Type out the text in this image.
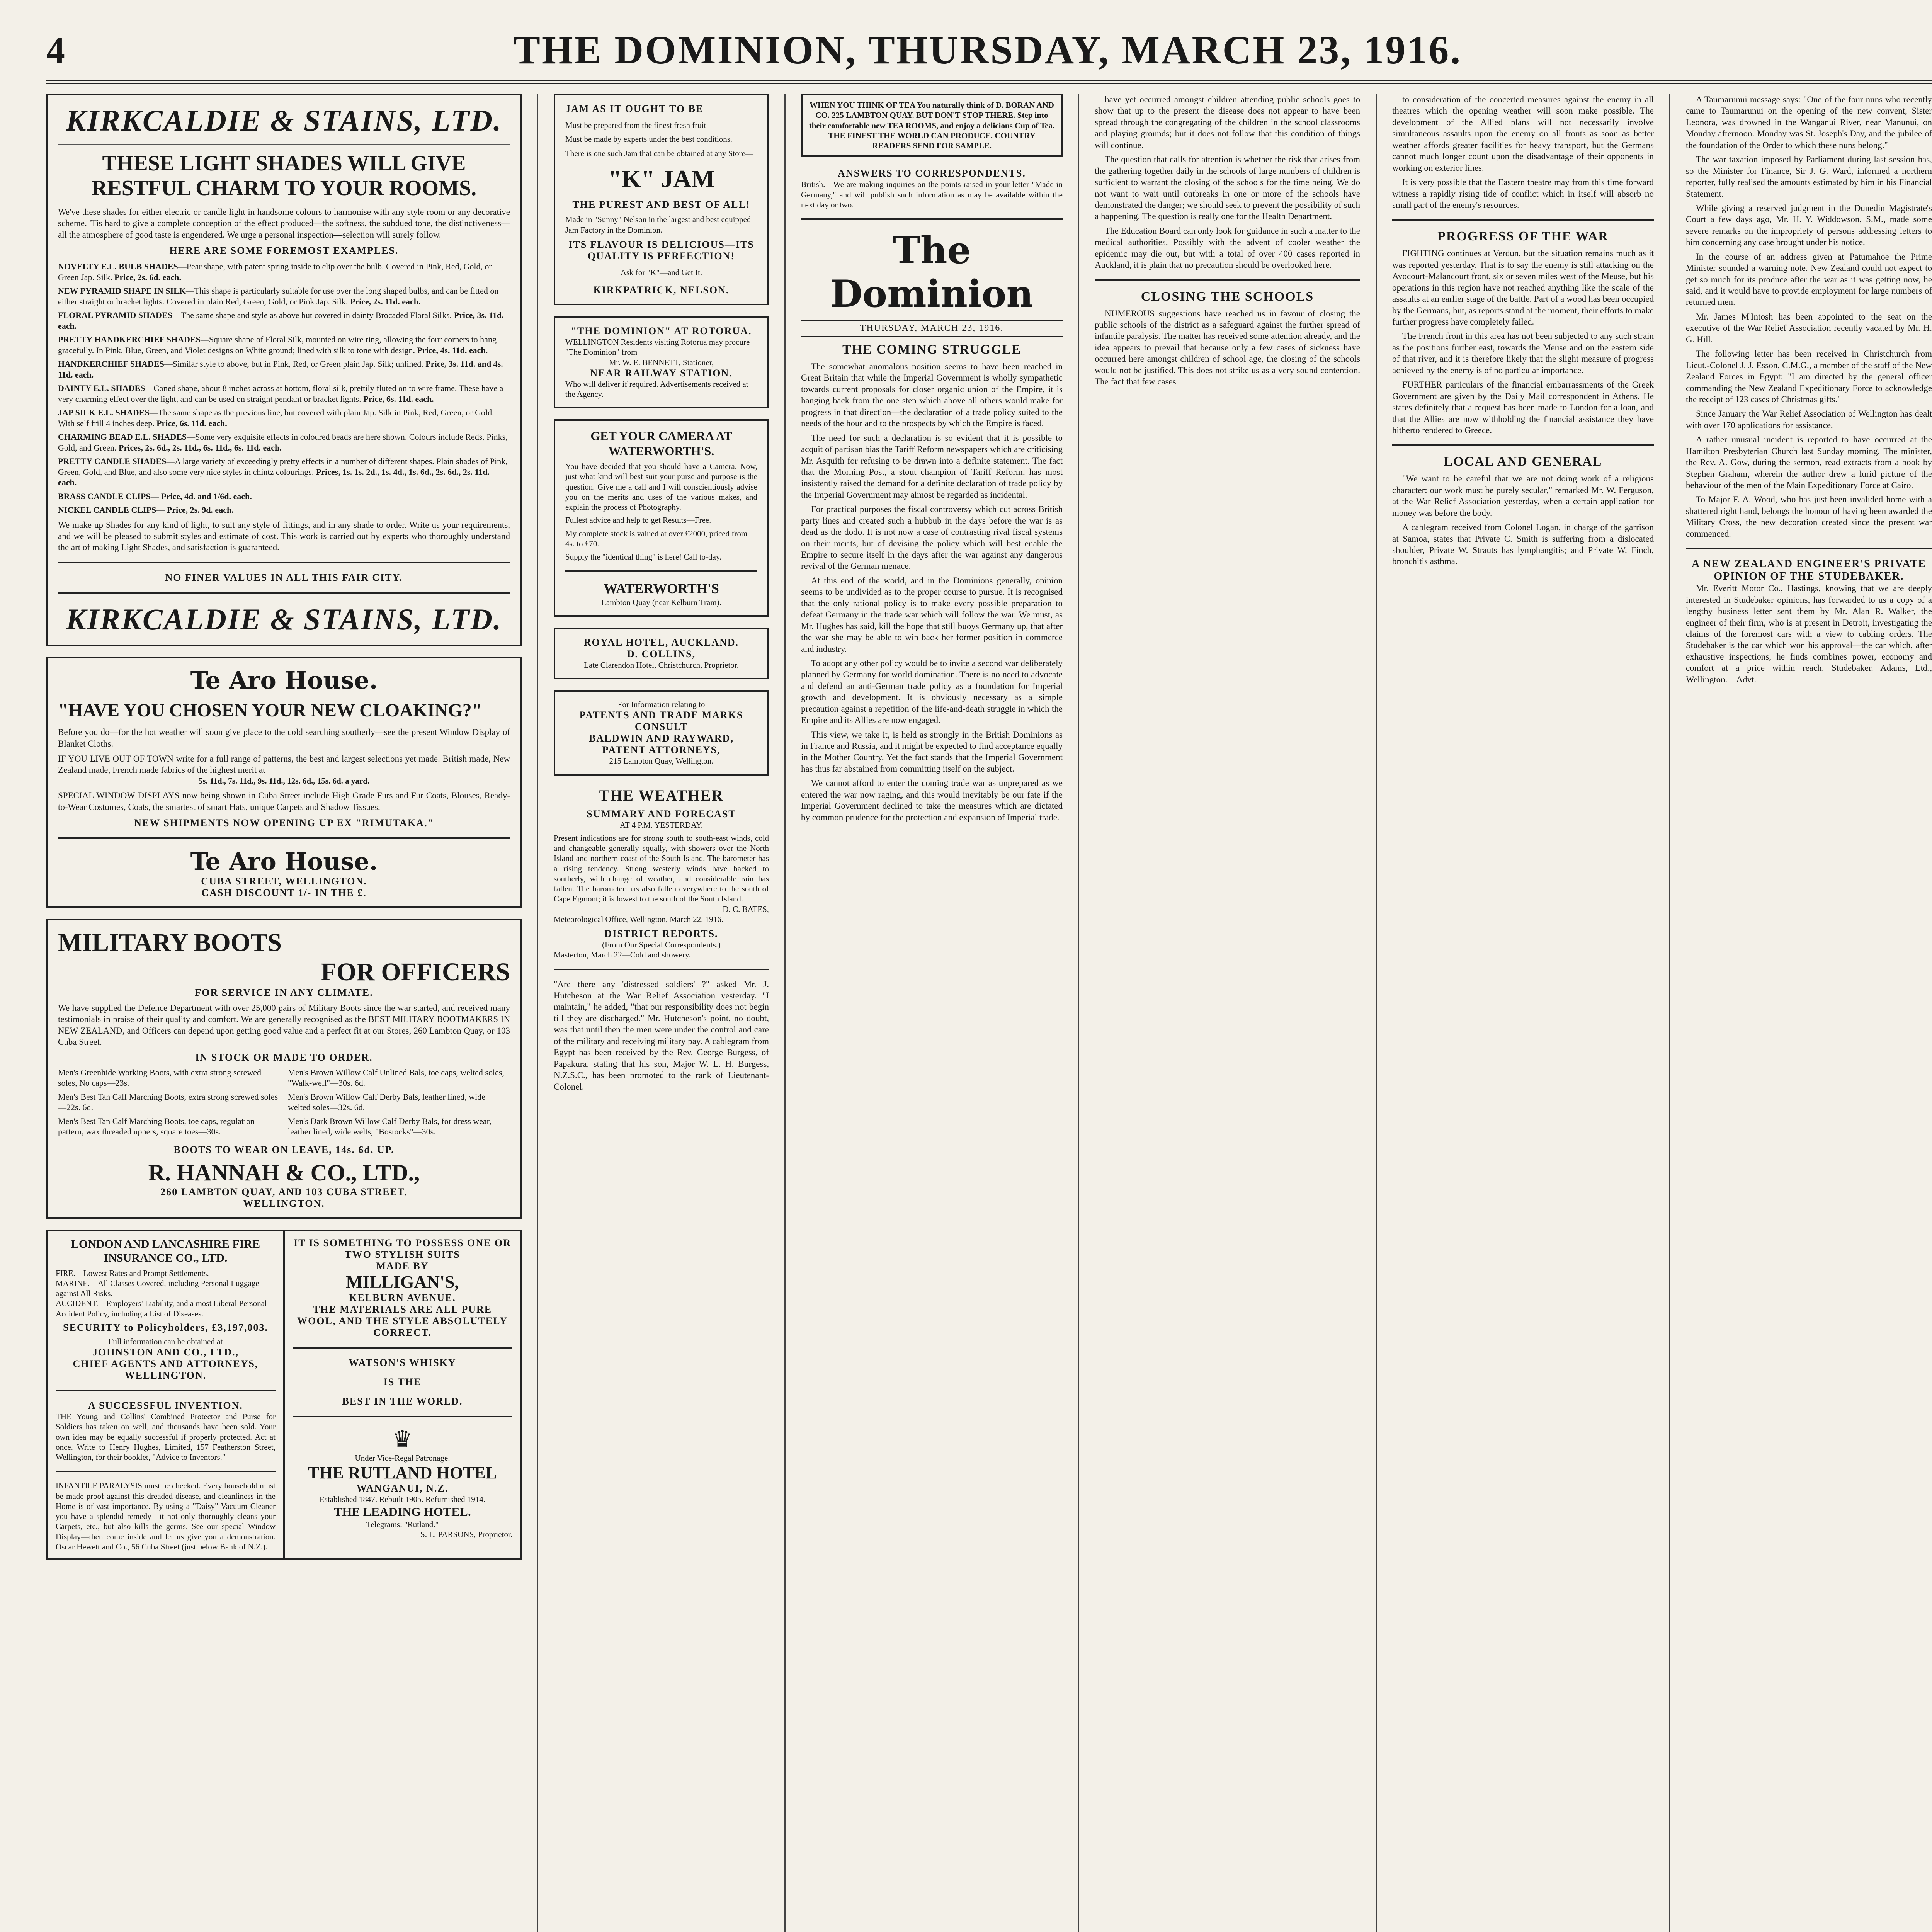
4	THE DOMINION, THURSDAY, MARCH 23, 1916.
KIRKCALDIE & STAINS, LTD.
THESE LIGHT SHADES WILL GIVE RESTFUL CHARM TO YOUR ROOMS.
We've these shades for either electric or candle light in handsome colours to harmonise with any style room or any decorative scheme. 'Tis hard to give a complete conception of the effect produced—the softness, the subdued tone, the distinctiveness—all the atmosphere of good taste is engendered. We urge a personal inspection—selection will surely follow.
HERE ARE SOME FOREMOST EXAMPLES.
NOVELTY E.L. BULB SHADES—Pear shape, with patent spring inside to clip over the bulb. Covered in Pink, Red, Gold, or Green Jap. Silk. Price, 2s. 6d. each.
NEW PYRAMID SHAPE IN SILK—This shape is particularly suitable for use over the long shaped bulbs, and can be fitted on either straight or bracket lights. Covered in plain Red, Green, Gold, or Pink Jap. Silk. Price, 2s. 11d. each.
FLORAL PYRAMID SHADES—The same shape and style as above but covered in dainty Brocaded Floral Silks. Price, 3s. 11d. each.
PRETTY HANDKERCHIEF SHADES—Square shape of Floral Silk, mounted on wire ring, allowing the four corners to hang gracefully. In Pink, Blue, Green, and Violet designs on White ground; lined with silk to tone with design. Price, 4s. 11d. each.
HANDKERCHIEF SHADES—Similar style to above, but in Pink, Red, or Green plain Jap. Silk; unlined. Price, 3s. 11d. and 4s. 11d. each.
DAINTY E.L. SHADES—Coned shape, about 8 inches across at bottom, floral silk, prettily fluted on to wire frame. These have a very charming effect over the light, and can be used on straight pendant or bracket lights. Price, 6s. 11d. each.
JAP SILK E.L. SHADES—The same shape as the previous line, but covered with plain Jap. Silk in Pink, Red, Green, or Gold. With self frill 4 inches deep. Price, 6s. 11d. each.
CHARMING BEAD E.L. SHADES—Some very exquisite effects in coloured beads are here shown. Colours include Reds, Pinks, Gold, and Green. Prices, 2s. 6d., 2s. 11d., 6s. 11d., 6s. 11d. each.
PRETTY CANDLE SHADES—A large variety of exceedingly pretty effects in a number of different shapes. Plain shades of Pink, Green, Gold, and Blue, and also some very nice styles in chintz colourings. Prices, 1s. 1s. 2d., 1s. 4d., 1s. 6d., 2s. 6d., 2s. 11d. each.
BRASS CANDLE CLIPS— Price, 4d. and 1/6d. each.
NICKEL CANDLE CLIPS— Price, 2s. 9d. each.
We make up Shades for any kind of light, to suit any style of fittings, and in any shade to order. Write us your requirements, and we will be pleased to submit styles and estimate of cost. This work is carried out by experts who thoroughly understand the art of making Light Shades, and satisfaction is guaranteed.
NO FINER VALUES IN ALL THIS FAIR CITY.
KIRKCALDIE & STAINS, LTD.
Te Aro House.
"HAVE YOU CHOSEN YOUR NEW CLOAKING?"
Before you do—for the hot weather will soon give place to the cold searching southerly—see the present Window Display of Blanket Cloths.
IF YOU LIVE OUT OF TOWN write for a full range of patterns, the best and largest selections yet made. British made, New Zealand made, French made fabrics of the highest merit at
5s. 11d., 7s. 11d., 9s. 11d., 12s. 6d., 15s. 6d. a yard.
SPECIAL WINDOW DISPLAYS now being shown in Cuba Street include High Grade Furs and Fur Coats, Blouses, Ready-to-Wear Costumes, Coats, the smartest of smart Hats, unique Carpets and Shadow Tissues.
NEW SHIPMENTS NOW OPENING UP EX "RIMUTAKA."
Te Aro House.
CUBA STREET, WELLINGTON.
CASH DISCOUNT 1/- IN THE £.
MILITARY BOOTS
FOR OFFICERS
FOR SERVICE IN ANY CLIMATE.
We have supplied the Defence Department with over 25,000 pairs of Military Boots since the war started, and received many testimonials in praise of their quality and comfort. We are generally recognised as the BEST MILITARY BOOTMAKERS IN NEW ZEALAND, and Officers can depend upon getting good value and a perfect fit at our Stores, 260 Lambton Quay, or 103 Cuba Street.
IN STOCK OR MADE TO ORDER.
Men's Greenhide Working Boots, with extra strong screwed soles, No caps—23s.
Men's Best Tan Calf Marching Boots, extra strong screwed soles—22s. 6d.
Men's Best Tan Calf Marching Boots, toe caps, regulation pattern, wax threaded uppers, square toes—30s.
Men's Brown Willow Calf Unlined Bals, toe caps, welted soles, "Walk-well"—30s. 6d.
Men's Brown Willow Calf Derby Bals, leather lined, wide welted soles—32s. 6d.
Men's Dark Brown Willow Calf Derby Bals, for dress wear, leather lined, wide welts, "Bostocks"—30s.
BOOTS TO WEAR ON LEAVE, 14s. 6d. UP.
R. HANNAH & CO., LTD.,
260 LAMBTON QUAY, AND 103 CUBA STREET.
WELLINGTON.
LONDON AND LANCASHIRE FIRE INSURANCE CO., LTD.
FIRE.—Lowest Rates and Prompt Settlements.
MARINE.—All Classes Covered, including Personal Luggage against All Risks.
ACCIDENT.—Employers' Liability, and a most Liberal Personal Accident Policy, including a List of Diseases.
SECURITY to Policyholders, £3,197,003.
Full information can be obtained at
JOHNSTON AND CO., LTD.,
CHIEF AGENTS AND ATTORNEYS,
WELLINGTON.
A SUCCESSFUL INVENTION.
THE Young and Collins' Combined Protector and Purse for Soldiers has taken on well, and thousands have been sold. Your own idea may be equally successful if properly protected. Act at once. Write to Henry Hughes, Limited, 157 Featherston Street, Wellington, for their booklet, "Advice to Inventors."
INFANTILE PARALYSIS must be checked. Every household must be made proof against this dreaded disease, and cleanliness in the Home is of vast importance. By using a "Daisy" Vacuum Cleaner you have a splendid remedy—it not only thoroughly cleans your Carpets, etc., but also kills the germs. See our special Window Display—then come inside and let us give you a demonstration. Oscar Hewett and Co., 56 Cuba Street (just below Bank of N.Z.).
IT IS SOMETHING TO POSSESS ONE OR TWO STYLISH SUITS
MADE BY
MILLIGAN'S,
KELBURN AVENUE.
THE MATERIALS ARE ALL PURE WOOL, AND THE STYLE ABSOLUTELY CORRECT.
WATSON'S WHISKY
IS THE
BEST IN THE WORLD.
♛
Under Vice-Regal Patronage.
THE RUTLAND HOTEL
WANGANUI, N.Z.
Established 1847. Rebuilt 1905. Refurnished 1914.
THE LEADING HOTEL.
Telegrams: "Rutland."
S. L. PARSONS, Proprietor.
JAM AS IT OUGHT TO BE
Must be prepared from the finest fresh fruit—
Must be made by experts under the best conditions.
There is one such Jam that can be obtained at any Store—
"K" JAM
THE PUREST AND BEST OF ALL!
Made in "Sunny" Nelson in the largest and best equipped Jam Factory in the Dominion.
ITS FLAVOUR IS DELICIOUS—ITS QUALITY IS PERFECTION!
Ask for "K"—and Get It.
KIRKPATRICK, NELSON.
"THE DOMINION" AT ROTORUA.
WELLINGTON Residents visiting Rotorua may procure "The Dominion" from
Mr. W. E. BENNETT, Stationer,
NEAR RAILWAY STATION.
Who will deliver if required. Advertisements received at the Agency.
GET YOUR CAMERA AT WATERWORTH'S.
You have decided that you should have a Camera. Now, just what kind will best suit your purse and purpose is the question. Give me a call and I will conscientiously advise you on the merits and uses of the various makes, and explain the process of Photography.
Fullest advice and help to get Results—Free.
My complete stock is valued at over £2000, priced from 4s. to £70.
Supply the "identical thing" is here! Call to-day.
WATERWORTH'S
Lambton Quay (near Kelburn Tram).
ROYAL HOTEL, AUCKLAND.
D. COLLINS,
Late Clarendon Hotel, Christchurch, Proprietor.
For Information relating to
PATENTS AND TRADE MARKS CONSULT
BALDWIN AND RAYWARD, PATENT ATTORNEYS,
215 Lambton Quay, Wellington.
THE WEATHER
SUMMARY AND FORECAST
AT 4 P.M. YESTERDAY.
Present indications are for strong south to south-east winds, cold and changeable generally squally, with showers over the North Island and northern coast of the South Island. The barometer has a rising tendency. Strong westerly winds have backed to southerly, with change of weather, and considerable rain has fallen. The barometer has also fallen everywhere to the south of Cape Egmont; it is lowest to the south of the South Island.
D. C. BATES,
Meteorological Office, Wellington, March 22, 1916.
DISTRICT REPORTS.
(From Our Special Correspondents.)
Masterton, March 22—Cold and showery.
"Are there any 'distressed soldiers' ?" asked Mr. J. Hutcheson at the War Relief Association yesterday. "I maintain," he added, "that our responsibility does not begin till they are discharged." Mr. Hutcheson's point, no doubt, was that until then the men were under the control and care of the military and receiving military pay. A cablegram from Egypt has been received by the Rev. George Burgess, of Papakura, stating that his son, Major W. L. H. Burgess, N.Z.S.C., has been promoted to the rank of Lieutenant-Colonel.
WHEN YOU THINK OF TEA You naturally think of D. BORAN AND CO. 225 LAMBTON QUAY. BUT DON'T STOP THERE. Step into their comfortable new TEA ROOMS, and enjoy a delicious Cup of Tea. THE FINEST THE WORLD CAN PRODUCE. COUNTRY READERS SEND FOR SAMPLE.
ANSWERS TO CORRESPONDENTS.
British.—We are making inquiries on the points raised in your letter "Made in Germany," and will publish such information as may be available within the next day or two.
The Dominion
THURSDAY, MARCH 23, 1916.
THE COMING STRUGGLE

The somewhat anomalous position seems to have been reached in Great Britain that while the Imperial Government is wholly sympathetic towards current proposals for closer organic union of the Empire, it is hanging back from the one step which above all others would make for progress in that direction—the declaration of a trade policy suited to the needs of the hour and to the prospects by which the Empire is faced.

The need for such a declaration is so evident that it is possible to acquit of partisan bias the Tariff Reform newspapers which are criticising Mr. Asquith for refusing to be drawn into a definite statement. The fact that the Morning Post, a stout champion of Tariff Reform, has most insistently raised the demand for a definite declaration of trade policy by the Imperial Government may almost be regarded as incidental.

For practical purposes the fiscal controversy which cut across British party lines and created such a hubbub in the days before the war is as dead as the dodo. It is not now a case of contrasting rival fiscal systems on their merits, but of devising the policy which will best enable the Empire to secure itself in the days after the war against any dangerous revival of the German menace.

At this end of the world, and in the Dominions generally, opinion seems to be undivided as to the proper course to pursue. It is recognised that the only rational policy is to make every possible preparation to defeat Germany in the trade war which will follow the war. We must, as Mr. Hughes has said, kill the hope that still buoys Germany up, that after the war she may be able to win back her former position in commerce and industry.

To adopt any other policy would be to invite a second war deliberately planned by Germany for world domination. There is no need to advocate and defend an anti-German trade policy as a foundation for Imperial growth and development. It is obviously necessary as a simple precaution against a repetition of the life-and-death struggle in which the Empire and its Allies are now engaged.

This view, we take it, is held as strongly in the British Dominions as in France and Russia, and it might be expected to find acceptance equally in the Mother Country. Yet the fact stands that the Imperial Government has thus far abstained from committing itself on the subject.

We cannot afford to enter the coming trade war as unprepared as we entered the war now raging, and this would inevitably be our fate if the Imperial Government declined to take the measures which are dictated by common prudence for the protection and expansion of Imperial trade.

have yet occurred amongst children attending public schools goes to show that up to the present the disease does not appear to have been spread through the congregating of the children in the school classrooms and playing grounds; but it does not follow that this condition of things will continue.

The question that calls for attention is whether the risk that arises from the gathering together daily in the schools of large numbers of children is sufficient to warrant the closing of the schools for the time being. We do not want to wait until outbreaks in one or more of the schools have demonstrated the danger; we should seek to prevent the possibility of such a happening. The question is really one for the Health Department.

The Education Board can only look for guidance in such a matter to the medical authorities. Possibly with the advent of cooler weather the epidemic may die out, but with a total of over 400 cases reported in Auckland, it is plain that no precaution should be overlooked here.

CLOSING THE SCHOOLS

NUMEROUS suggestions have reached us in favour of closing the public schools of the district as a safeguard against the further spread of infantile paralysis. The matter has received some attention already, and the idea appears to prevail that because only a few cases of sickness have occurred here amongst children of school age, the closing of the schools would not be justified. This does not strike us as a very sound contention. The fact that few cases

to consideration of the concerted measures against the enemy in all theatres which the opening weather will soon make possible. The development of the Allied plans will not necessarily involve simultaneous assaults upon the enemy on all fronts as soon as better weather affords greater facilities for heavy transport, but the Germans cannot much longer count upon the disadvantage of their opponents in working on exterior lines.

It is very possible that the Eastern theatre may from this time forward witness a rapidly rising tide of conflict which in itself will absorb no small part of the enemy's resources.

PROGRESS OF THE WAR

FIGHTING continues at Verdun, but the situation remains much as it was reported yesterday. That is to say the enemy is still attacking on the Avocourt-Malancourt front, six or seven miles west of the Meuse, but his operations in this region have not reached anything like the scale of the assaults at an earlier stage of the battle. Part of a wood has been occupied by the Germans, but, as reports stand at the moment, their efforts to make further progress have completely failed.

The French front in this area has not been subjected to any such strain as the positions further east, towards the Meuse and on the eastern side of that river, and it is therefore likely that the slight measure of progress achieved by the enemy is of no particular importance.

FURTHER particulars of the financial embarrassments of the Greek Government are given by the Daily Mail correspondent in Athens. He states definitely that a request has been made to London for a loan, and that the Allies are now withholding the financial assistance they have hitherto rendered to Greece.

LOCAL AND GENERAL

"We want to be careful that we are not doing work of a religious character: our work must be purely secular," remarked Mr. W. Ferguson, at the War Relief Association yesterday, when a certain application for money was before the body.

A cablegram received from Colonel Logan, in charge of the garrison at Samoa, states that Private C. Smith is suffering from a dislocated shoulder, Private W. Strauts has lymphangitis; and Private W. Finch, bronchitis asthma.

A Taumarunui message says: "One of the four nuns who recently came to Taumarunui on the opening of the new convent, Sister Leonora, was drowned in the Wanganui River, near Manunui, on Monday afternoon. Monday was St. Joseph's Day, and the jubilee of the foundation of the Order to which these nuns belong."

The war taxation imposed by Parliament during last session has, so the Minister for Finance, Sir J. G. Ward, informed a northern reporter, fully realised the amounts estimated by him in his Financial Statement.

While giving a reserved judgment in the Dunedin Magistrate's Court a few days ago, Mr. H. Y. Widdowson, S.M., made some severe remarks on the impropriety of persons addressing letters to him concerning any case brought under his notice.

In the course of an address given at Patumahoe the Prime Minister sounded a warning note. New Zealand could not expect to get so much for its produce after the war as it was getting now, he said, and it would have to provide employment for large numbers of returned men.

Mr. James M'Intosh has been appointed to the seat on the executive of the War Relief Association recently vacated by Mr. H. G. Hill.

The following letter has been received in Christchurch from Lieut.-Colonel J. J. Esson, C.M.G., a member of the staff of the New Zealand Forces in Egypt: "I am directed by the general officer commanding the New Zealand Expeditionary Force to acknowledge the receipt of 123 cases of Christmas gifts."

Since January the War Relief Association of Wellington has dealt with over 170 applications for assistance.

A rather unusual incident is reported to have occurred at the Hamilton Presbyterian Church last Sunday morning. The minister, the Rev. A. Gow, during the sermon, read extracts from a book by Stephen Graham, wherein the author drew a lurid picture of the behaviour of the men of the Main Expeditionary Force at Cairo.

To Major F. A. Wood, who has just been invalided home with a shattered right hand, belongs the honour of having been awarded the Military Cross, the new decoration created since the present war commenced.

A NEW ZEALAND ENGINEER'S PRIVATE OPINION OF THE STUDEBAKER.

Mr. Everitt Motor Co., Hastings, knowing that we are deeply interested in Studebaker opinions, has forwarded to us a copy of a lengthy business letter sent them by Mr. Alan R. Walker, the engineer of their firm, who is at present in Detroit, investigating the claims of the foremost cars with a view to cabling orders. The Studebaker is the car which won his approval—the car which, after exhaustive inspections, he finds combines power, economy and comfort at a price within reach. Studebaker. Adams, Ltd., Wellington.—Advt.
